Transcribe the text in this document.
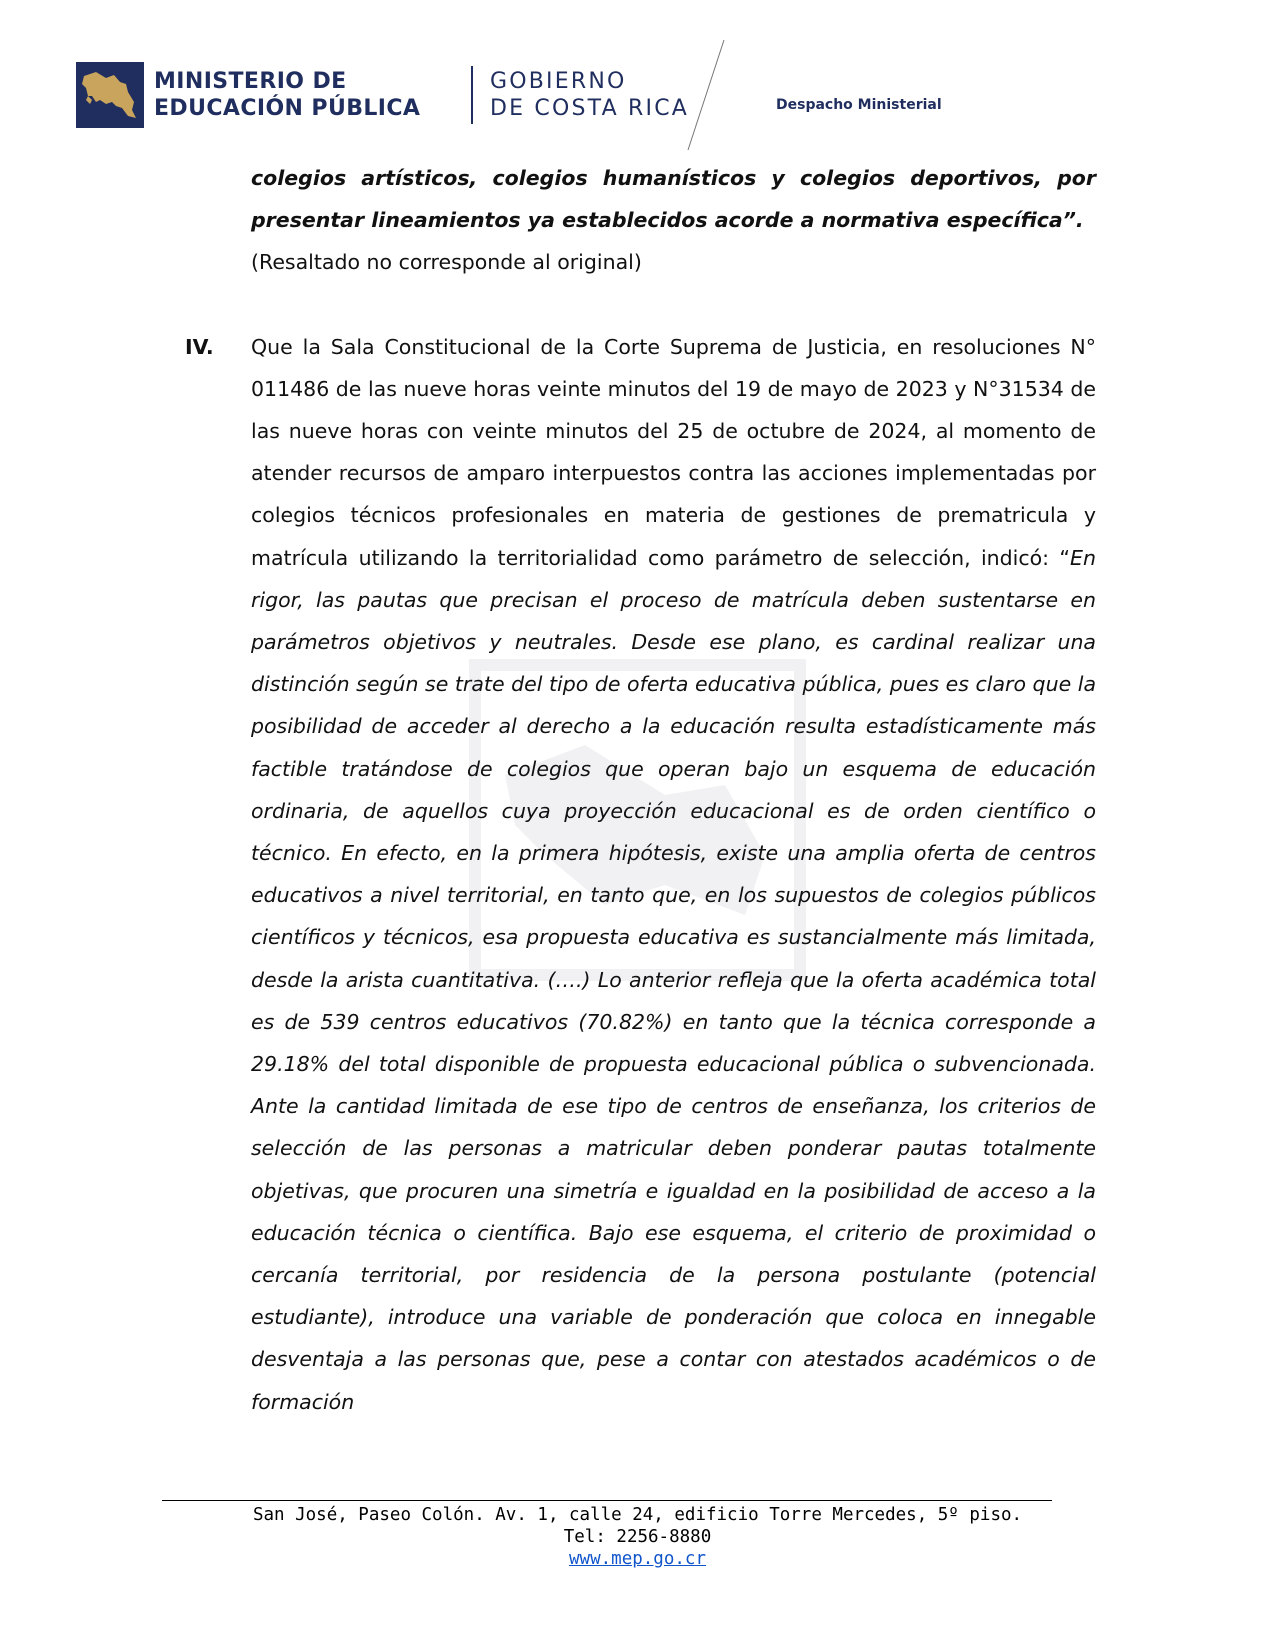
MINISTERIO DE
EDUCACIÓN PÚBLICA
GOBIERNO
DE COSTA RICA	Despacho Ministerial

colegios artísticos, colegios humanísticos y colegios deportivos, por presentar lineamientos ya establecidos acorde a normativa específica”.

(Resaltado no corresponde al original)

IV. Que la Sala Constitucional de la Corte Suprema de Justicia, en resoluciones N° 011486 de las nueve horas veinte minutos del 19 de mayo de 2023 y N°31534 de las nueve horas con veinte minutos del 25 de octubre de 2024, al momento de atender recursos de amparo interpuestos contra las acciones implementadas por colegios técnicos profesionales en materia de gestiones de prematricula y matrícula utilizando la territorialidad como parámetro de selección, indicó: “En rigor, las pautas que precisan el proceso de matrícula deben sustentarse en parámetros objetivos y neutrales. Desde ese plano, es cardinal realizar una distinción según se trate del tipo de oferta educativa pública, pues es claro que la posibilidad de acceder al derecho a la educación resulta estadísticamente más factible tratándose de colegios que operan bajo un esquema de educación ordinaria, de aquellos cuya proyección educacional es de orden científico o técnico. En efecto, en la primera hipótesis, existe una amplia oferta de centros educativos a nivel territorial, en tanto que, en los supuestos de colegios públicos científicos y técnicos, esa propuesta educativa es sustancialmente más limitada, desde la arista cuantitativa. (….) Lo anterior refleja que la oferta académica total es de 539 centros educativos (70.82%) en tanto que la técnica corresponde a 29.18% del total disponible de propuesta educacional pública o subvencionada. Ante la cantidad limitada de ese tipo de centros de enseñanza, los criterios de selección de las personas a matricular deben ponderar pautas totalmente objetivas, que procuren una simetría e igualdad en la posibilidad de acceso a la educación técnica o científica. Bajo ese esquema, el criterio de proximidad o cercanía territorial, por residencia de la persona postulante (potencial estudiante), introduce una variable de ponderación que coloca en innegable desventaja a las personas que, pese a contar con atestados académicos o de formación

San José, Paseo Colón. Av. 1, calle 24, edificio Torre Mercedes, 5º piso.
Tel: 2256-8880
www.mep.go.cr
